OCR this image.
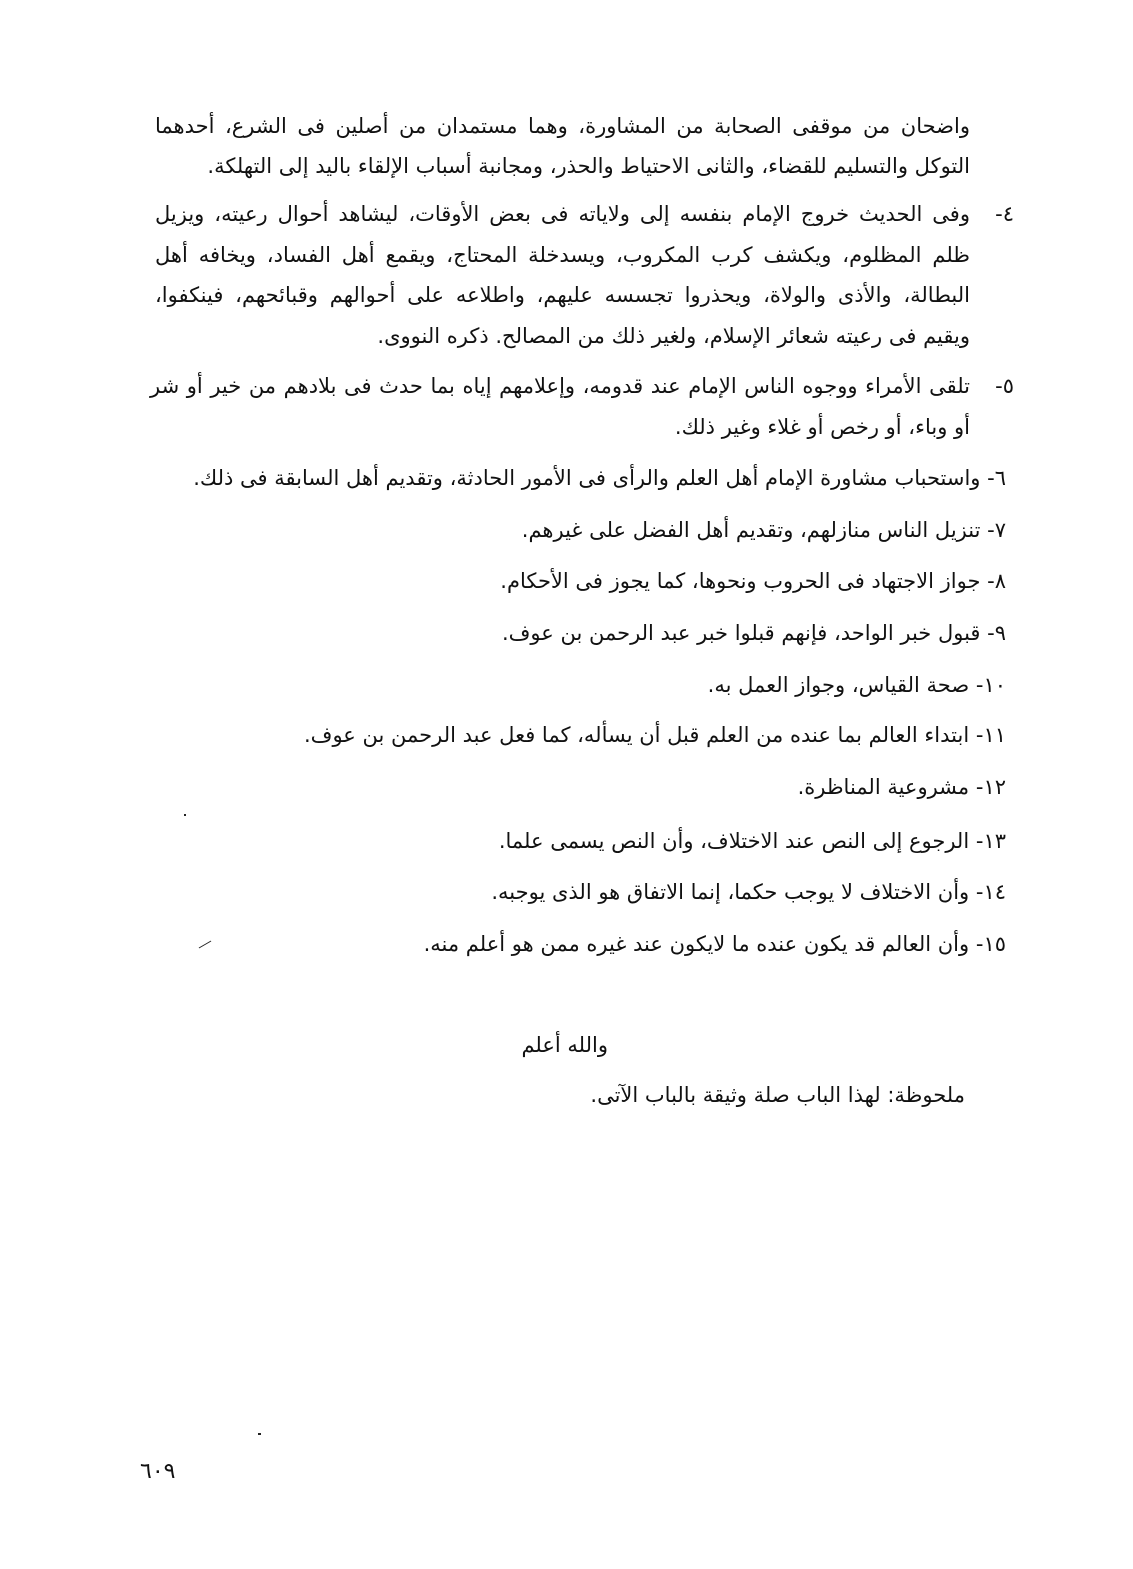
واضحان من موقفى الصحابة من المشاورة، وهما مستمدان من أصلين فى الشرع، أحدهما التوكل والتسليم للقضاء، والثانى الاحتياط والحذر، ومجانبة أسباب الإلقاء باليد إلى التهلكة.
٤-
وفى الحديث خروج الإمام بنفسه إلى ولاياته فى بعض الأوقات، ليشاهد أحوال رعيته، ويزيل ظلم المظلوم، ويكشف كرب المكروب، ويسدخلة المحتاج، ويقمع أهل الفساد، ويخافه أهل البطالة، والأذى والولاة، ويحذروا تجسسه عليهم، واطلاعه على أحوالهم وقبائحهم، فينكفوا، ويقيم فى رعيته شعائر الإسلام، ولغير ذلك من المصالح. ذكره النووى.
٥-
تلقى الأمراء ووجوه الناس الإمام عند قدومه، وإعلامهم إياه بما حدث فى بلادهم من خير أو شر أو وباء، أو رخص أو غلاء وغير ذلك.
٦- واستحباب مشاورة الإمام أهل العلم والرأى فى الأمور الحادثة، وتقديم أهل السابقة فى ذلك.
٧- تنزيل الناس منازلهم، وتقديم أهل الفضل على غيرهم.
٨- جواز الاجتهاد فى الحروب ونحوها، كما يجوز فى الأحكام.
٩- قبول خبر الواحد، فإنهم قبلوا خبر عبد الرحمن بن عوف.
١٠- صحة القياس، وجواز العمل به.
١١- ابتداء العالم بما عنده من العلم قبل أن يسأله، كما فعل عبد الرحمن بن عوف.
١٢- مشروعية المناظرة.
١٣- الرجوع إلى النص عند الاختلاف، وأن النص يسمى علما.
١٤- وأن الاختلاف لا يوجب حكما، إنما الاتفاق هو الذى يوجبه.
١٥- وأن العالم قد يكون عنده ما لايكون عند غيره ممن هو أعلم منه.
والله أعلم
ملحوظة: لهذا الباب صلة وثيقة بالباب الآتى.
٦٠٩
